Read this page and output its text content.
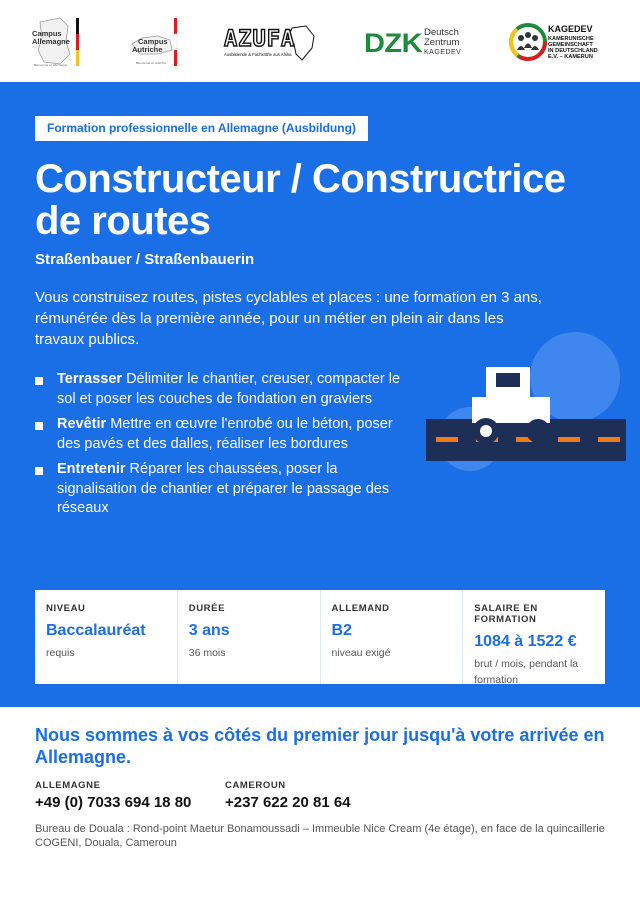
Campus
Allemagne
Bienvenue en Allemagne
Campus
Autriche
Bienvenue en Autriche
AZUFA
Ausbildende & Fachkräfte aus Afrika	DZK Deutsch
Zentrum
KAGEDEV
KAGEDEV
KAMERUNISCHE
GEMEINSCHAFT
IN DEUTSCHLAND
E.V. – KAMERUN
Formation professionnelle en Allemagne (Ausbildung)
Constructeur / Constructrice de routes
Straßenbauer / Straßenbauerin

Vous construisez routes, pistes cyclables et places : une formation en 3 ans, rémunérée dès la première année, pour un métier en plein air dans les travaux publics.

Terrasser Délimiter le chantier, creuser, compacter le sol et poser les couches de fondation en graviers
Revêtir Mettre en œuvre l'enrobé ou le béton, poser des pavés et des dalles, réaliser les bordures
Entretenir Réparer les chaussées, poser la signalisation de chantier et préparer le passage des réseaux
NIVEAU
Baccalauréat
requis
DURÉE
3 ans
36 mois
ALLEMAND
B2
niveau exigé
SALAIRE EN FORMATION
1084 à 1522 €
brut / mois, pendant la formation
Nous sommes à vos côtés du premier jour jusqu'à votre arrivée en Allemagne.
ALLEMAGNE
+49 (0) 7033 694 18 80
CAMEROUN
+237 622 20 81 64

Bureau de Douala : Rond-point Maetur Bonamoussadi – Immeuble Nice Cream (4e étage), en face de la quincaillerie COGENI, Douala, Cameroun
